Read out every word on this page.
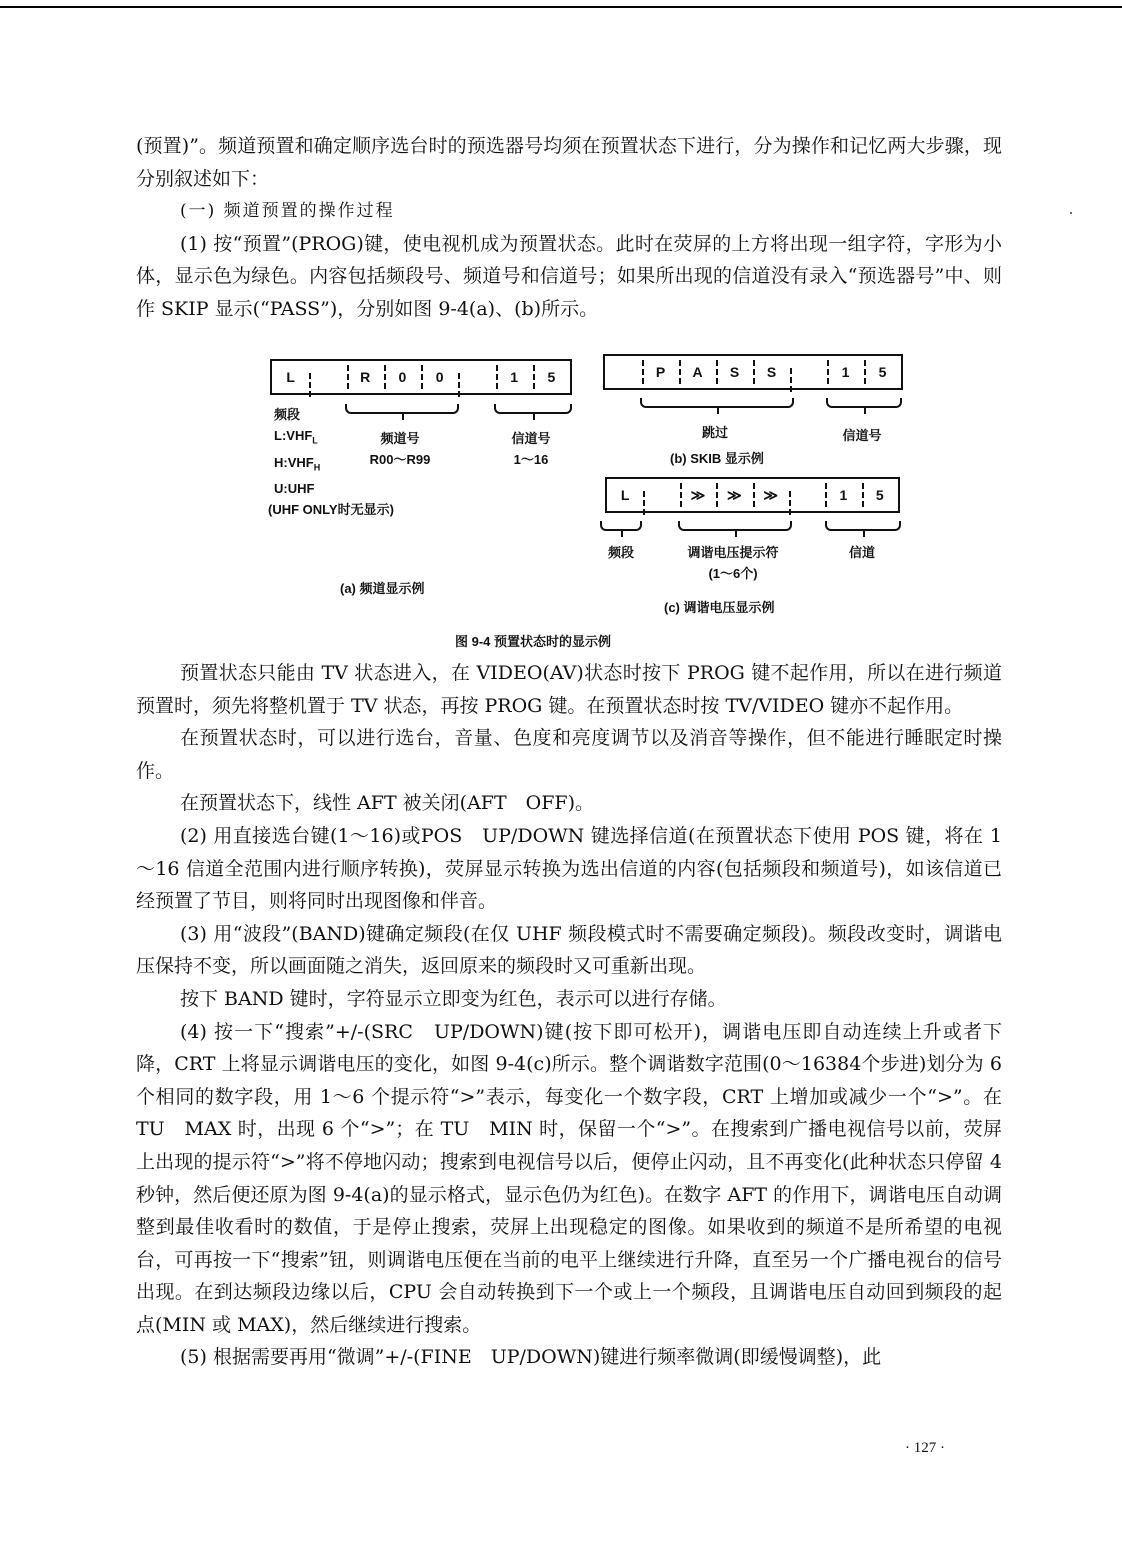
(预置)”。频道预置和确定顺序选台时的预选器号均须在预置状态下进行，分为操作和记忆两大步骤，现分别叙述如下：

(一) 频道预置的操作过程

(1) 按“预置”(PROG)键，使电视机成为预置状态。此时在荧屏的上方将出现一组字符，字形为小体，显示色为绿色。内容包括频段号、频道号和信道号；如果所出现的信道没有录入“预选器号”中、则作 SKIP 显示(“PASS”)，分别如图 9-4(a)、(b)所示。

L	R	0	0	1	5
频段
$L:VHF_L$
$H:VHF_H$
U:UHF
(UHF ONLY时无显示)
频道号
R00～R99
信道号
1～16
(a) 频道显示例
P	A	S	S	1	5
跳过	信道号
(b) SKIB 显示例
L	≫	≫	≫	1	5
频段	调谐电压提示符
(1～6个)
信道
(c) 调谐电压显示例
图 9-4 预置状态时的显示例

预置状态只能由 TV 状态进入，在 VIDEO(AV)状态时按下 PROG 键不起作用，所以在进行频道预置时，须先将整机置于 TV 状态，再按 PROG 键。在预置状态时按 TV/VIDEO 键亦不起作用。

在预置状态时，可以进行选台，音量、色度和亮度调节以及消音等操作，但不能进行睡眠定时操作。

在预置状态下，线性 AFT 被关闭(AFT　OFF)。

(2) 用直接选台键(1～16)或POS　UP/DOWN 键选择信道(在预置状态下使用 POS 键，将在 1～16 信道全范围内进行顺序转换)，荧屏显示转换为选出信道的内容(包括频段和频道号)，如该信道已经预置了节目，则将同时出现图像和伴音。

(3) 用“波段”(BAND)键确定频段(在仅 UHF 频段模式时不需要确定频段)。频段改变时，调谐电压保持不变，所以画面随之消失，返回原来的频段时又可重新出现。

按下 BAND 键时，字符显示立即变为红色，表示可以进行存储。

(4) 按一下“搜索”+/-(SRC　UP/DOWN)键(按下即可松开)，调谐电压即自动连续上升或者下降，CRT 上将显示调谐电压的变化，如图 9-4(c)所示。整个调谐数字范围(0～16384个步进)划分为 6 个相同的数字段，用 1～6 个提示符“>”表示，每变化一个数字段，CRT 上增加或减少一个“>”。在 TU　MAX 时，出现 6 个“>”；在 TU　MIN 时，保留一个“>”。在搜索到广播电视信号以前，荧屏上出现的提示符“>”将不停地闪动；搜索到电视信号以后，便停止闪动，且不再变化(此种状态只停留 4 秒钟，然后便还原为图 9-4(a)的显示格式，显示色仍为红色)。在数字 AFT 的作用下，调谐电压自动调整到最佳收看时的数值，于是停止搜索，荧屏上出现稳定的图像。如果收到的频道不是所希望的电视台，可再按一下“搜索”钮，则调谐电压便在当前的电平上继续进行升降，直至另一个广播电视台的信号出现。在到达频段边缘以后，CPU 会自动转换到下一个或上一个频段，且调谐电压自动回到频段的起点(MIN 或 MAX)，然后继续进行搜索。

(5) 根据需要再用“微调”+/-(FINE　UP/DOWN)键进行频率微调(即缓慢调整)，此

· 127 ·
